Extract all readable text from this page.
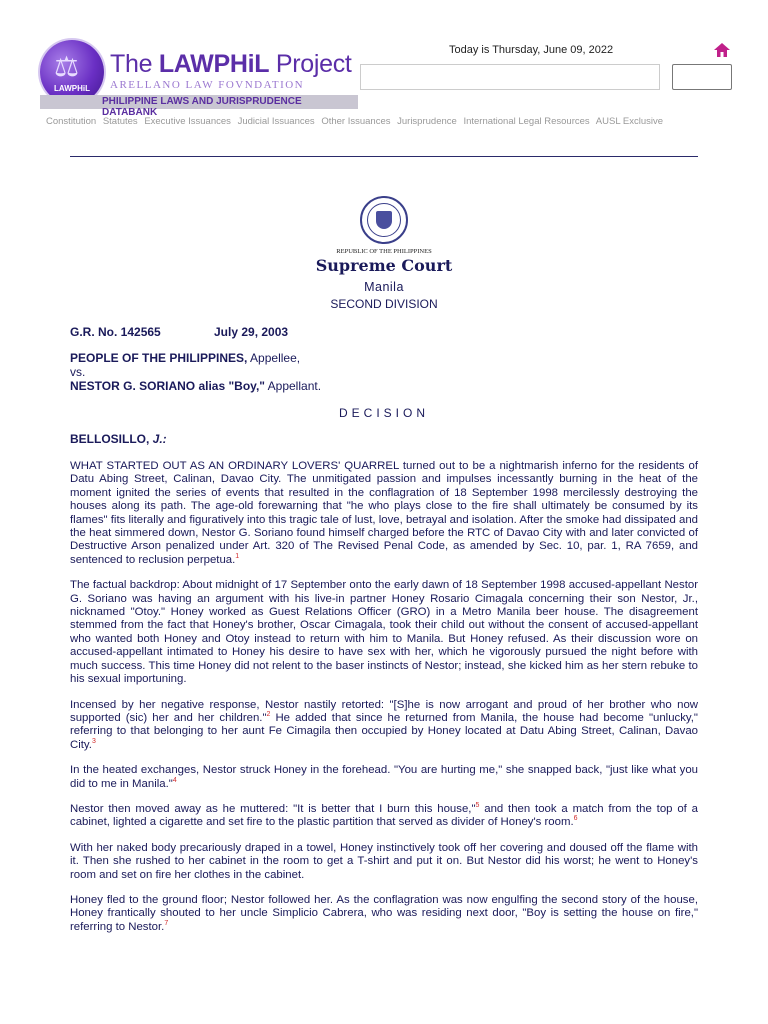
⚖
LAWPHiL
The LAWPHiL Project
ARELLANO LAW FOVNDATION
PHILIPPINE LAWS AND JURISPRUDENCE DATABANK
Today is Thursday, June 09, 2022
Constitution Statutes Executive Issuances Judicial Issuances Other Issuances Jurisprudence International Legal Resources AUSL Exclusive
REPUBLIC OF THE PHILIPPINES
Supreme Court
Manila
SECOND DIVISION
G.R. No. 142565	July 29, 2003
PEOPLE OF THE PHILIPPINES, Appellee,
vs.
NESTOR G. SORIANO alias "Boy," Appellant.
DECISION
BELLOSILLO, J.:

WHAT STARTED OUT AS AN ORDINARY LOVERS' QUARREL turned out to be a nightmarish inferno for the residents of Datu Abing Street, Calinan, Davao City. The unmitigated passion and impulses incessantly burning in the heat of the moment ignited the series of events that resulted in the conflagration of 18 September 1998 mercilessly destroying the houses along its path. The age-old forewarning that "he who plays close to the fire shall ultimately be consumed by its flames" fits literally and figuratively into this tragic tale of lust, love, betrayal and isolation. After the smoke had dissipated and the heat simmered down, Nestor G. Soriano found himself charged before the RTC of Davao City with and later convicted of Destructive Arson penalized under Art. 320 of The Revised Penal Code, as amended by Sec. 10, par. 1, RA 7659, and sentenced to reclusion perpetua.$^1$

The factual backdrop: About midnight of 17 September onto the early dawn of 18 September 1998 accused-appellant Nestor G. Soriano was having an argument with his live-in partner Honey Rosario Cimagala concerning their son Nestor, Jr., nicknamed "Otoy." Honey worked as Guest Relations Officer (GRO) in a Metro Manila beer house. The disagreement stemmed from the fact that Honey's brother, Oscar Cimagala, took their child out without the consent of accused-appellant who wanted both Honey and Otoy instead to return with him to Manila. But Honey refused. As their discussion wore on accused-appellant intimated to Honey his desire to have sex with her, which he vigorously pursued the night before with much success. This time Honey did not relent to the baser instincts of Nestor; instead, she kicked him as her stern rebuke to his sexual importuning.

Incensed by her negative response, Nestor nastily retorted: "[S]he is now arrogant and proud of her brother who now supported (sic) her and her children."$^2$ He added that since he returned from Manila, the house had become "unlucky," referring to that belonging to her aunt Fe Cimagila then occupied by Honey located at Datu Abing Street, Calinan, Davao City.$^3$

In the heated exchanges, Nestor struck Honey in the forehead. "You are hurting me," she snapped back, "just like what you did to me in Manila."$^4$

Nestor then moved away as he muttered: "It is better that I burn this house,"$^5$ and then took a match from the top of a cabinet, lighted a cigarette and set fire to the plastic partition that served as divider of Honey's room.$^6$

With her naked body precariously draped in a towel, Honey instinctively took off her covering and doused off the flame with it. Then she rushed to her cabinet in the room to get a T-shirt and put it on. But Nestor did his worst; he went to Honey's room and set on fire her clothes in the cabinet.

Honey fled to the ground floor; Nestor followed her. As the conflagration was now engulfing the second story of the house, Honey frantically shouted to her uncle Simplicio Cabrera, who was residing next door, "Boy is setting the house on fire," referring to Nestor.$^7$
